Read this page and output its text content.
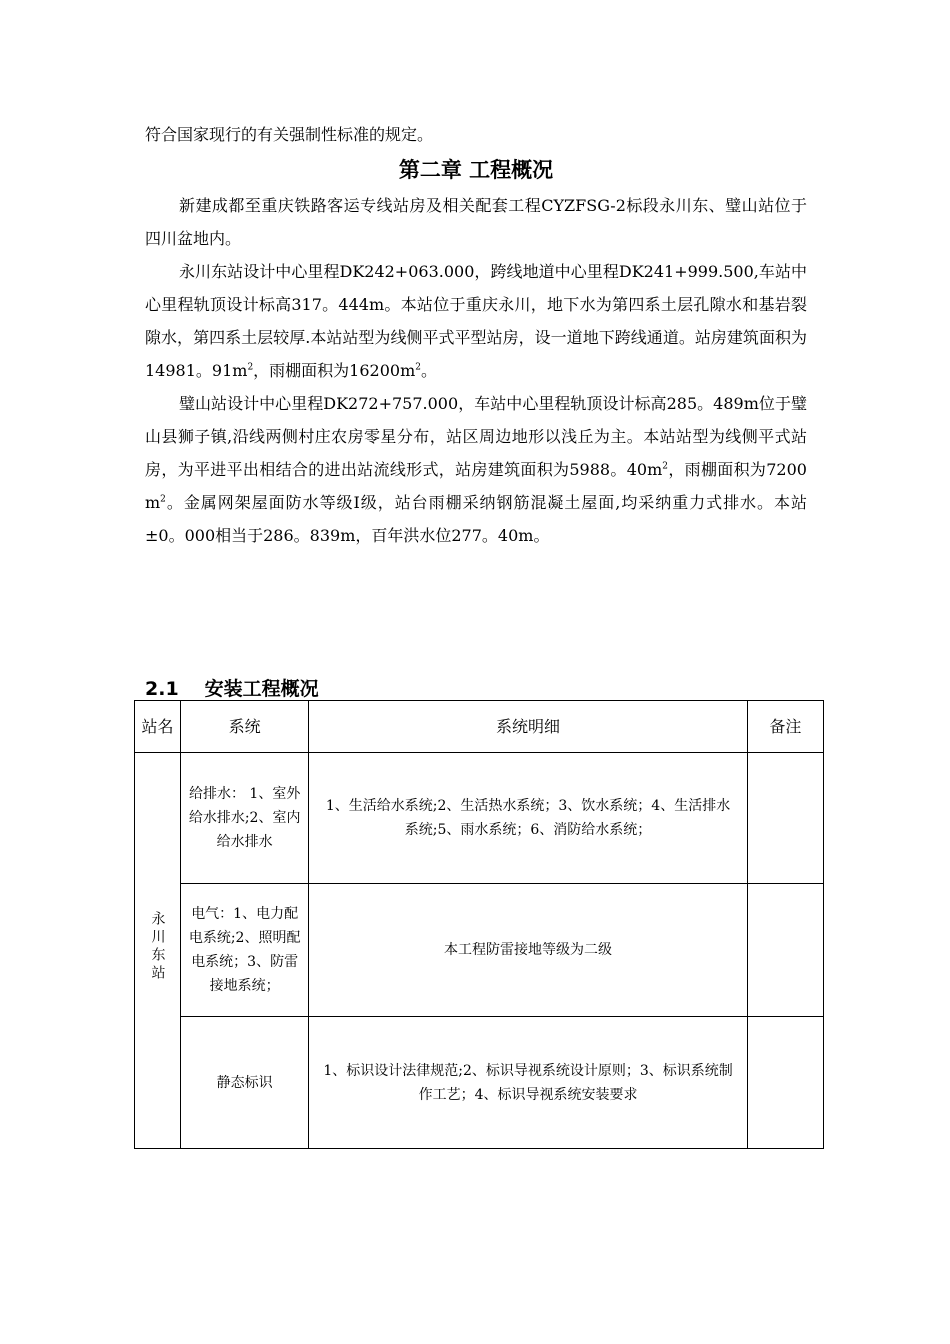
符合国家现行的有关强制性标准的规定。

第二章 工程概况

新建成都至重庆铁路客运专线站房及相关配套工程CYZFSG-2标段永川东、璧山站位于四川盆地内。

永川东站设计中心里程DK242+063.000，跨线地道中心里程DK241+999.500,车站中心里程轨顶设计标高317。444m。本站位于重庆永川，地下水为第四系土层孔隙水和基岩裂隙水，第四系土层较厚.本站站型为线侧平式平型站房，设一道地下跨线通道。站房建筑面积为14981。$91m^2$，雨棚面积为$16200m^2$。

璧山站设计中心里程DK272+757.000，车站中心里程轨顶设计标高285。489m位于璧山县狮子镇,沿线两侧村庄农房零星分布，站区周边地形以浅丘为主。本站站型为线侧平式站房，为平进平出相结合的进出站流线形式，站房建筑面积为5988。$40m^2$，雨棚面积为7200 $m^2$。金属网架屋面防水等级Ⅰ级，站台雨棚采纳钢筋混凝土屋面,均采纳重力式排水。本站±0。000相当于286。839m，百年洪水位277。40m。

2.1 安装工程概况
站名	系统	系统明细	备注
永川东站	给排水： 1、室外给水排水;2、室内给水排水	1、生活给水系统;2、生活热水系统；3、饮水系统；4、生活排水系统;5、雨水系统；6、消防给水系统；	
	电气：1、电力配电系统;2、照明配电系统；3、防雷接地系统；	本工程防雷接地等级为二级	
	静态标识	1、标识设计法律规范;2、标识导视系统设计原则；3、标识系统制作工艺；4、标识导视系统安装要求	
